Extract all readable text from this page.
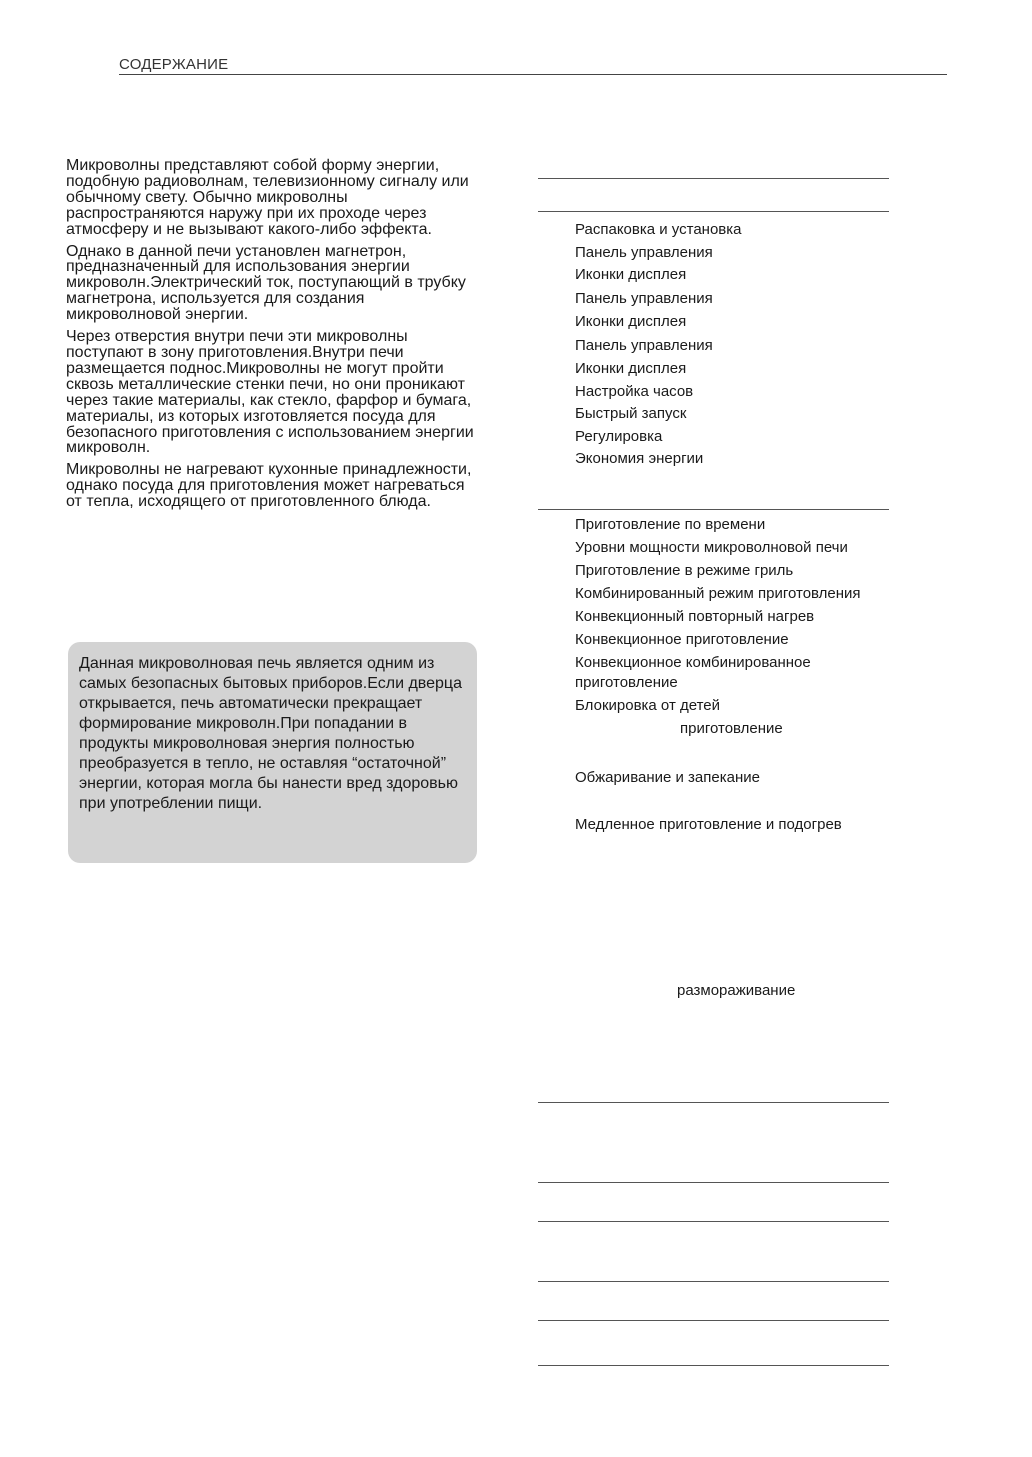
СОДЕРЖАНИЕ

Микроволны представляют собой форму энергии, подобную радиоволнам, телевизионному сигналу или обычному свету. Обычно микроволны распространяются наружу при их проходе через атмосферу и не вызывают какого-либо эффекта.

Однако в данной печи установлен магнетрон, предназначенный для использования энергии микроволн.Электрический ток, поступающий в трубку магнетрона, используется для создания микроволновой энергии.

Через отверстия внутри печи эти микроволны поступают в зону приготовления.Внутри печи размещается поднос.Микроволны не могут пройти сквозь металлические стенки печи, но они проникают через такие материалы, как стекло, фарфор и бумага, материалы, из которых изготовляется посуда для безопасного приготовления с использованием энергии микроволн.

Микроволны не нагревают кухонные принадлежности, однако посуда для приготовления может нагреваться от тепла, исходящего от приготовленного блюда.

Данная микроволновая печь является одним из самых безопасных бытовых приборов.Если дверца открывается, печь автоматически прекращает формирование микроволн.При попадании в продукты микроволновая энергия полностью преобразуется в тепло, не оставляя “остаточной” энергии, которая могла бы нанести вред здоровью при употреблении пищи.

Распаковка и установка
Панель управления
Иконки дисплея
Панель управления
Иконки дисплея
Панель управления
Иконки дисплея
Настройка часов
Быстрый запуск
Регулировка
Экономия энергии
Приготовление по времени
Уровни мощности микроволновой печи
Приготовление в режиме гриль
Комбинированный режим приготовления
Конвекционный повторный нагрев
Конвекционное приготовление
Конвекционное комбинированное
приготовление
Блокировка от детей
приготовление
Обжаривание и запекание
Медленное приготовление и подогрев
размораживание
